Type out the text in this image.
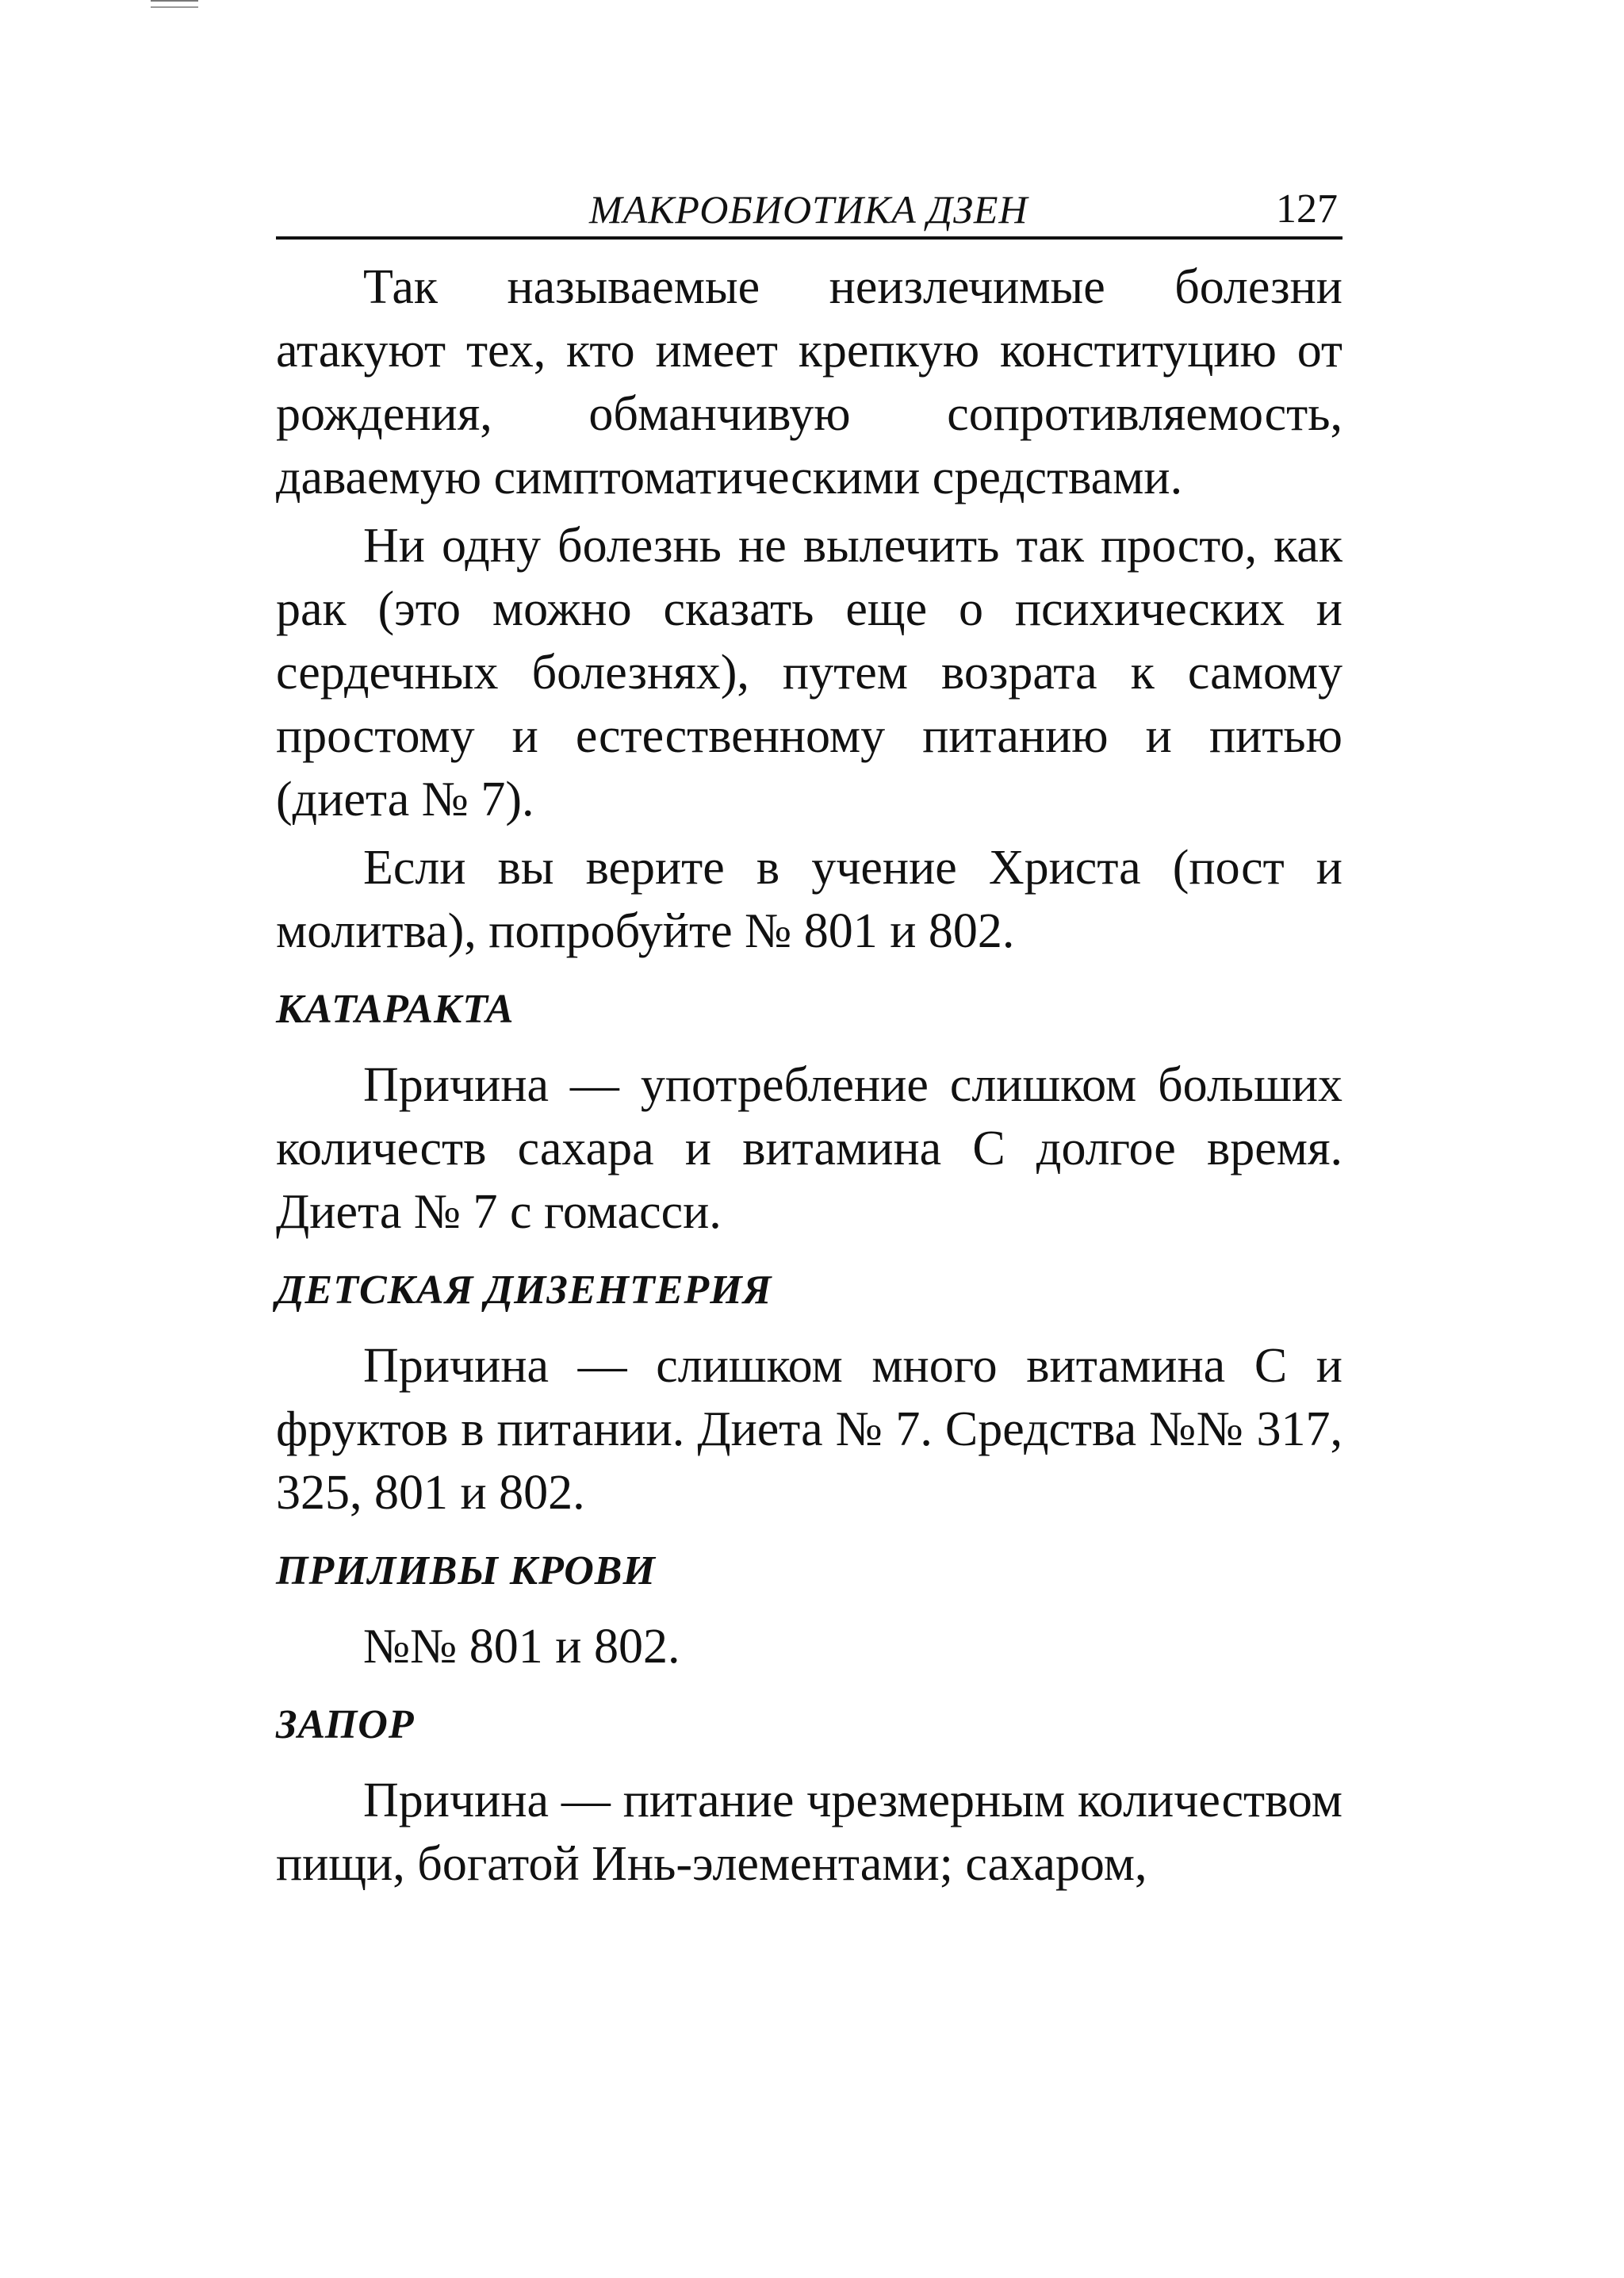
МАКРОБИОТИКА ДЗЕН	127

Так называемые неизлечимые болезни атакуют тех, кто имеет крепкую конституцию от рождения, обманчивую сопротивляемость, даваемую симптоматическими средствами.

Ни одну болезнь не вылечить так просто, как рак (это можно сказать еще о психических и сердечных болезнях), путем возрата к самому простому и естественному питанию и питью (диета № 7).

Если вы верите в учение Христа (пост и молитва), попробуйте № 801 и 802.

КАТАРАКТА

Причина — употребление слишком больших количеств сахара и витамина С долгое время. Диета № 7 с гомасси.

ДЕТСКАЯ ДИЗЕНТЕРИЯ

Причина — слишком много витамина С и фруктов в питании. Диета № 7. Средства №№ 317, 325, 801 и 802.

ПРИЛИВЫ КРОВИ

№№ 801 и 802.

ЗАПОР

Причина — питание чрезмерным количеством пищи, богатой Инь-элементами; сахаром,
